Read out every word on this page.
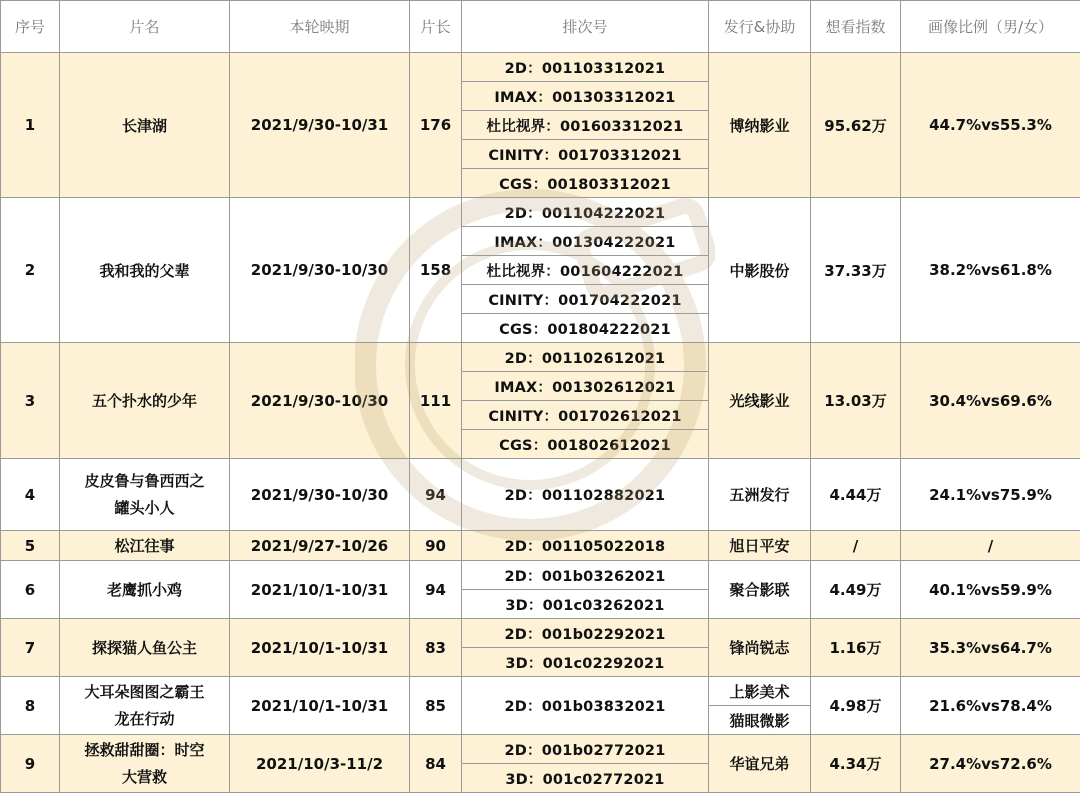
序号	片名	本轮映期	片长	排次号	发行&协助	想看指数	画像比例（男/女）
1	长津湖	2021/9/30-10/31	176	2D：001103312021	博纳影业	95.62万	44.7%vs55.3%
				IMAX：001303312021			
				杜比视界：001603312021			
				CINITY：001703312021			
				CGS：001803312021			
2	我和我的父辈	2021/9/30-10/30	158	2D：001104222021	中影股份	37.33万	38.2%vs61.8%
				IMAX：001304222021			
				杜比视界：001604222021			
				CINITY：001704222021			
				CGS：001804222021			
3	五个扑水的少年	2021/9/30-10/30	111	2D：001102612021	光线影业	13.03万	30.4%vs69.6%
				IMAX：001302612021			
				CINITY：001702612021			
				CGS：001802612021			
4	皮皮鲁与鲁西西之罐头小人	2021/9/30-10/30	94	2D：001102882021	五洲发行	4.44万	24.1%vs75.9%
5	松江往事	2021/9/27-10/26	90	2D：001105022018	旭日平安	/	/
6	老鹰抓小鸡	2021/10/1-10/31	94	2D：001b03262021	聚合影联	4.49万	40.1%vs59.9%
				3D：001c03262021			
7	探探猫人鱼公主	2021/10/1-10/31	83	2D：001b02292021	锋尚锐志	1.16万	35.3%vs64.7%
				3D：001c02292021			
8	大耳朵图图之霸王龙在行动	2021/10/1-10/31	85	2D：001b03832021	上影美术	4.98万	21.6%vs78.4%
					猫眼微影		
9	拯救甜甜圈：时空大营救	2021/10/3-11/2	84	2D：001b02772021	华谊兄弟	4.34万	27.4%vs72.6%
				3D：001c02772021			
